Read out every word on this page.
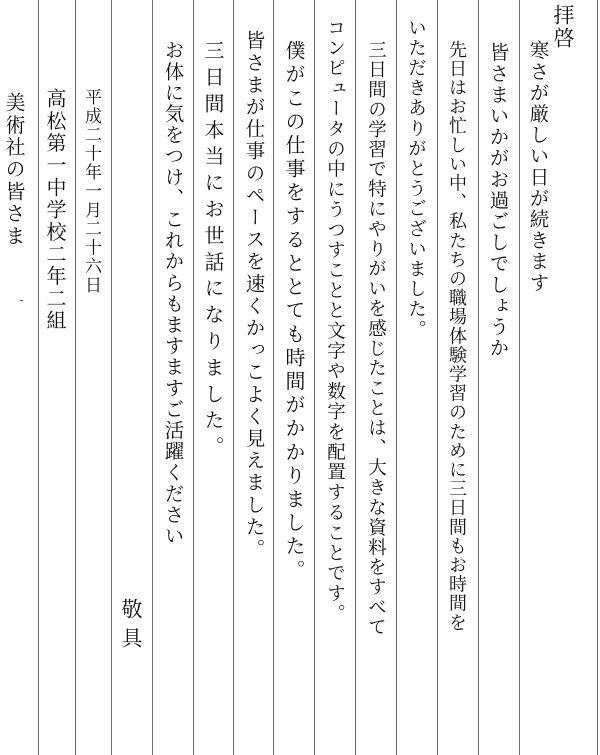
拝啓
寒さが厳しい日が続きます
皆さまいかがお過ごしでしょうか
先日はお忙しい中、私たちの職場体験学習のために三日間もお時間を
いただきありがとうございました。
三日間の学習で特にやりがいを感じたことは、大きな資料をすべて
コンピュータの中にうつすことと文字や数字を配置することです。
僕がこの仕事をするととても時間がかかりました。
皆さまが仕事のペースを速くかっこよく見えました。
三日間本当にお世話になりました。
お体に気をつけ、これからもますますご活躍ください
敬具
平成二十年一月二十六日
高松第一中学校二年二組
美術社の皆さま
